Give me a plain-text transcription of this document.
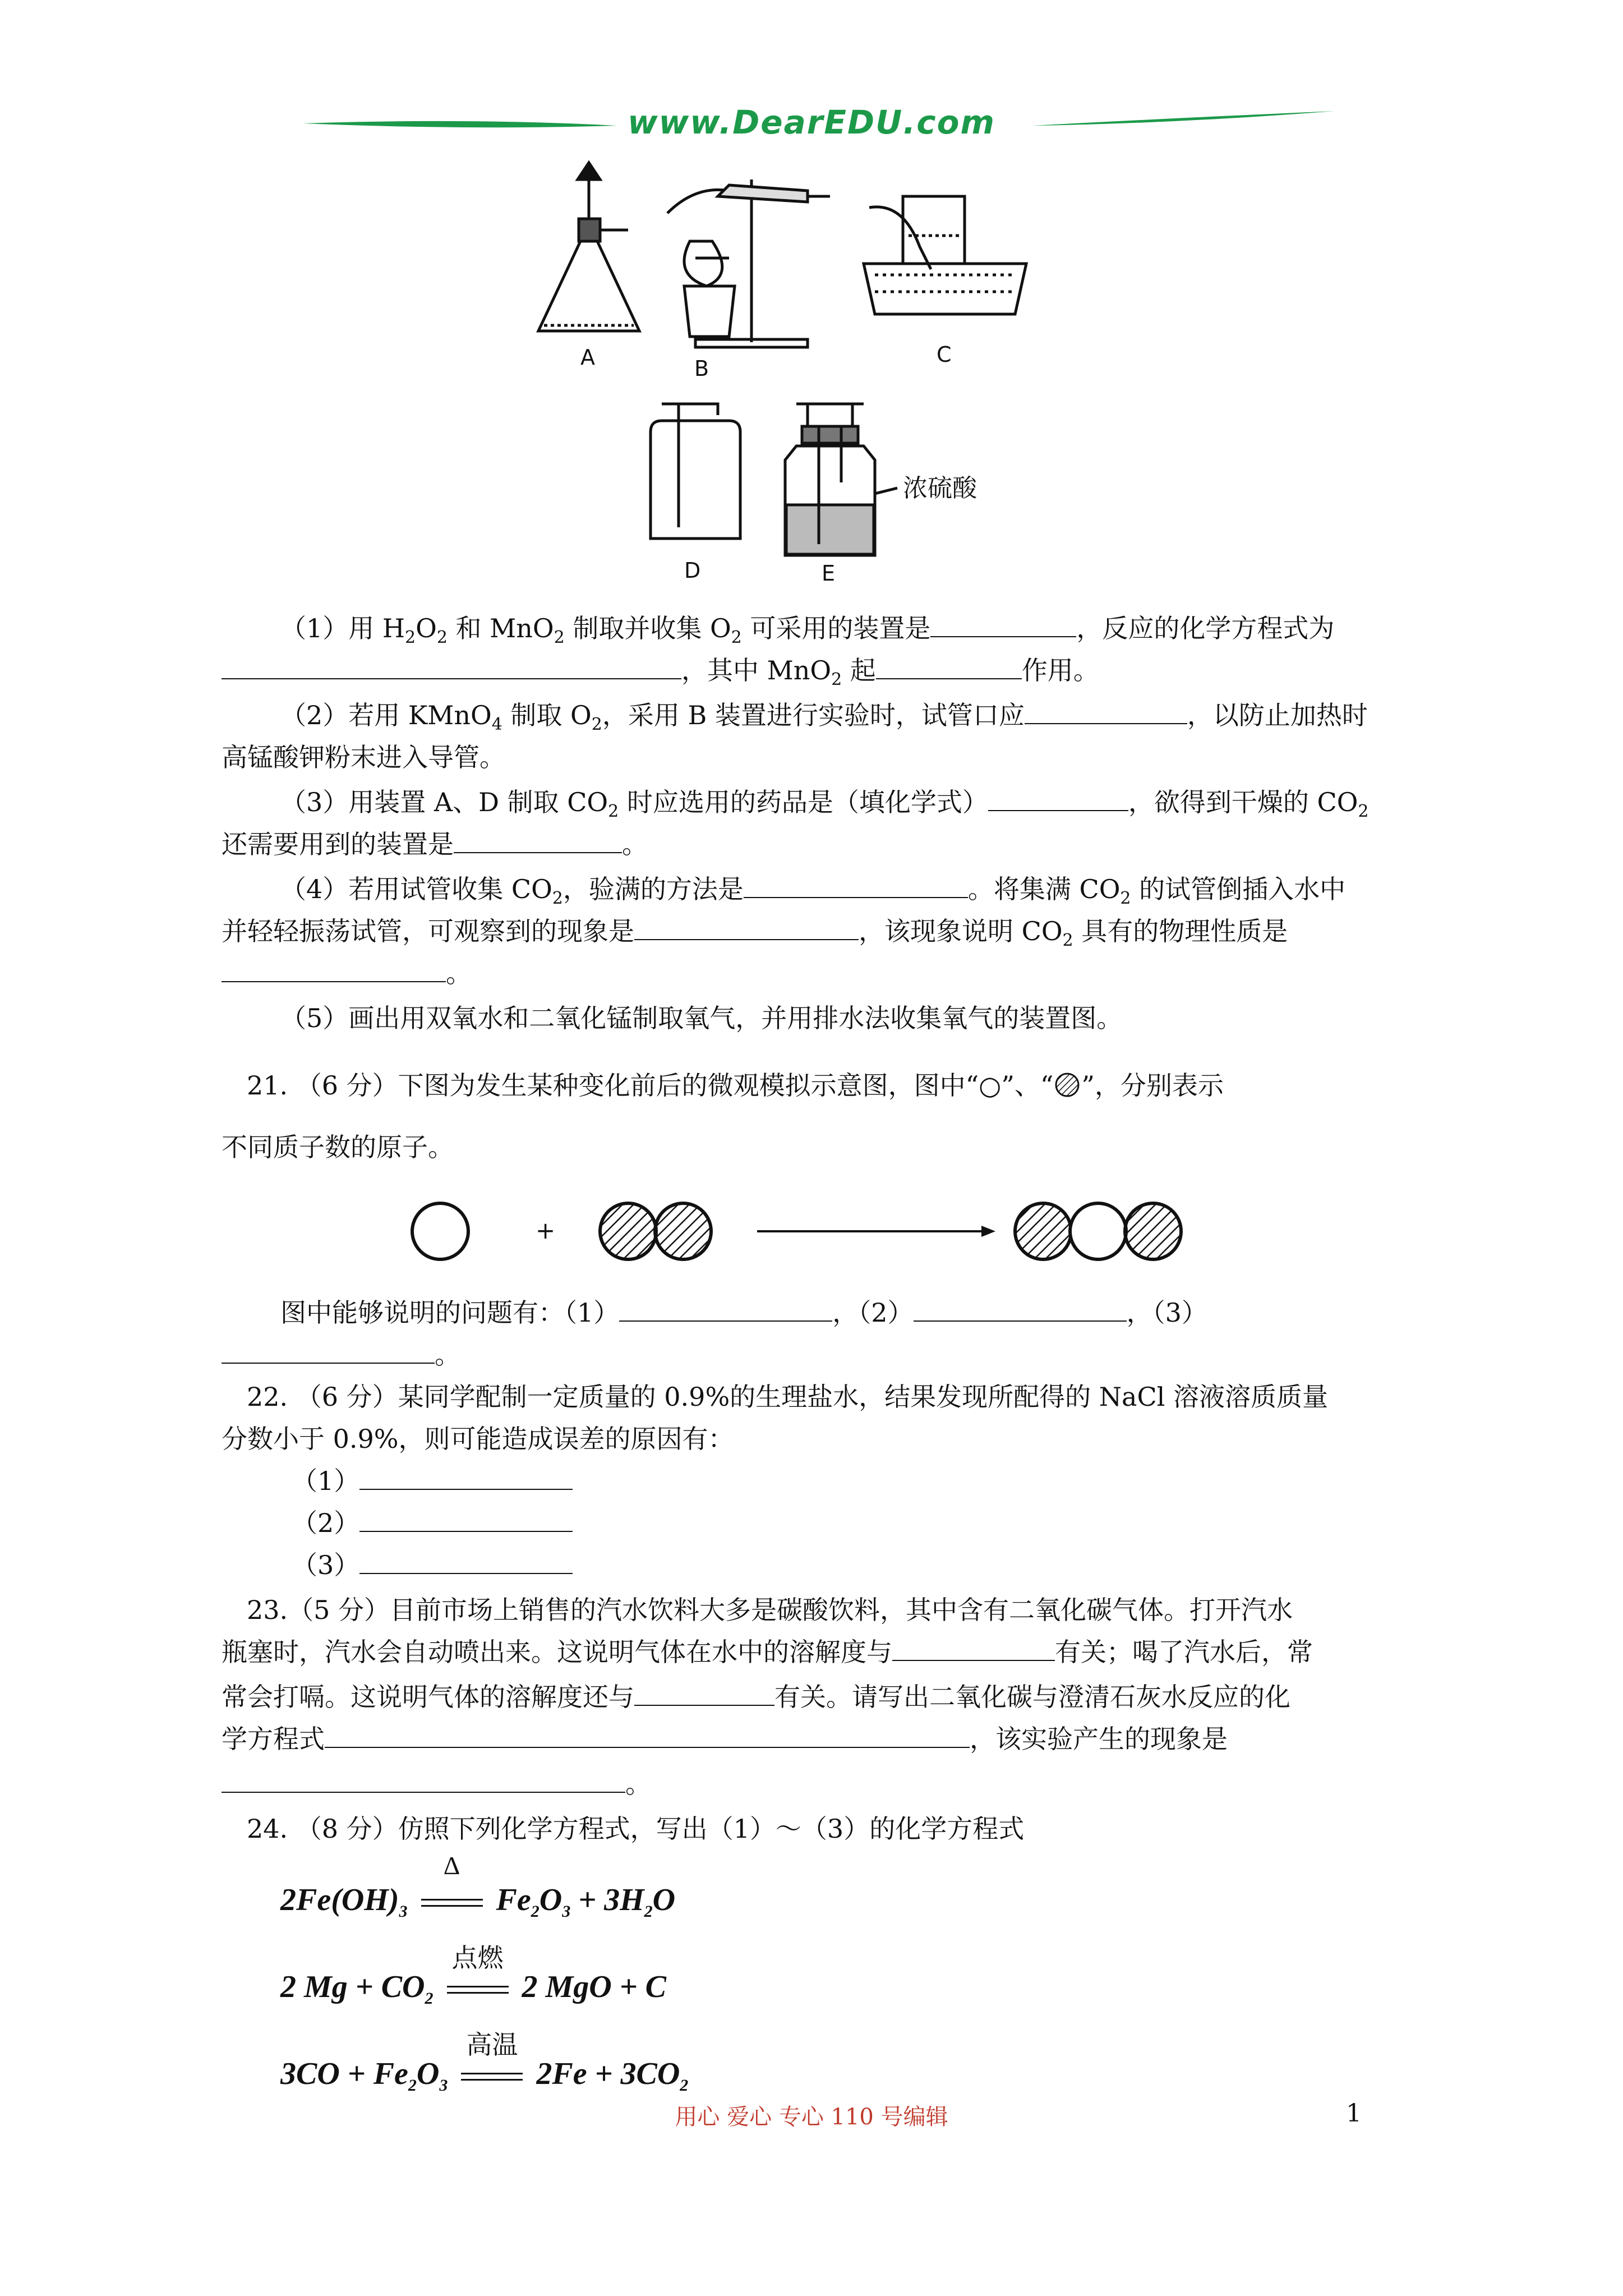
www.DearEDU.com
A	B
C
D
浓硫酸
E
（1）用 $H_2O_2$ 和 MnO$_2$ 制取并收集 $O_2$ 可采用的装置是	，反应的化学方程式为
，其中 MnO$_2$ 起	作用。
（2）若用 KMnO$_4$ 制取 $O_2$，采用 B 装置进行实验时，试管口应	，以防止加热时
高锰酸钾粉末进入导管。
（3）用装置 A、D 制取 $CO_2$ 时应选用的药品是（填化学式）	，欲得到干燥的 $CO_2$
还需要用到的装置是	。
（4）若用试管收集 $CO_2$，验满的方法是	。将集满 $CO_2$ 的试管倒插入水中
并轻轻振荡试管，可观察到的现象是	，该现象说明 $CO_2$ 具有的物理性质是
。
（5）画出用双氧水和二氧化锰制取氧气，并用排水法收集氧气的装置图。
21. （6 分）下图为发生某种变化前后的微观模拟示意图，图中“○”、“ ”，分别表示
不同质子数的原子。
+
图中能够说明的问题有：（1）	，（2）	，（3）
。
22. （6 分）某同学配制一定质量的 0.9%的生理盐水，结果发现所配得的 NaCl 溶液溶质质量
分数小于 0.9%，则可能造成误差的原因有：
（1）
（2）
（3）
23.（5 分）目前市场上销售的汽水饮料大多是碳酸饮料，其中含有二氧化碳气体。打开汽水
瓶塞时，汽水会自动喷出来。这说明气体在水中的溶解度与	有关；喝了汽水后，常
常会打嗝。这说明气体的溶解度还与	有关。请写出二氧化碳与澄清石灰水反应的化
学方程式	，该实验产生的现象是
。
24. （8 分）仿照下列化学方程式，写出（1）～（3）的化学方程式
$2Fe(OH)_3$
Δ
$Fe_2O_3 + 3H_2O$
2 $Mg + CO_2$
点燃
2 MgO + C
$3CO + Fe_2O_3$
高温
$2Fe + 3CO_2$
用心 爱心 专心 110 号编辑	1
